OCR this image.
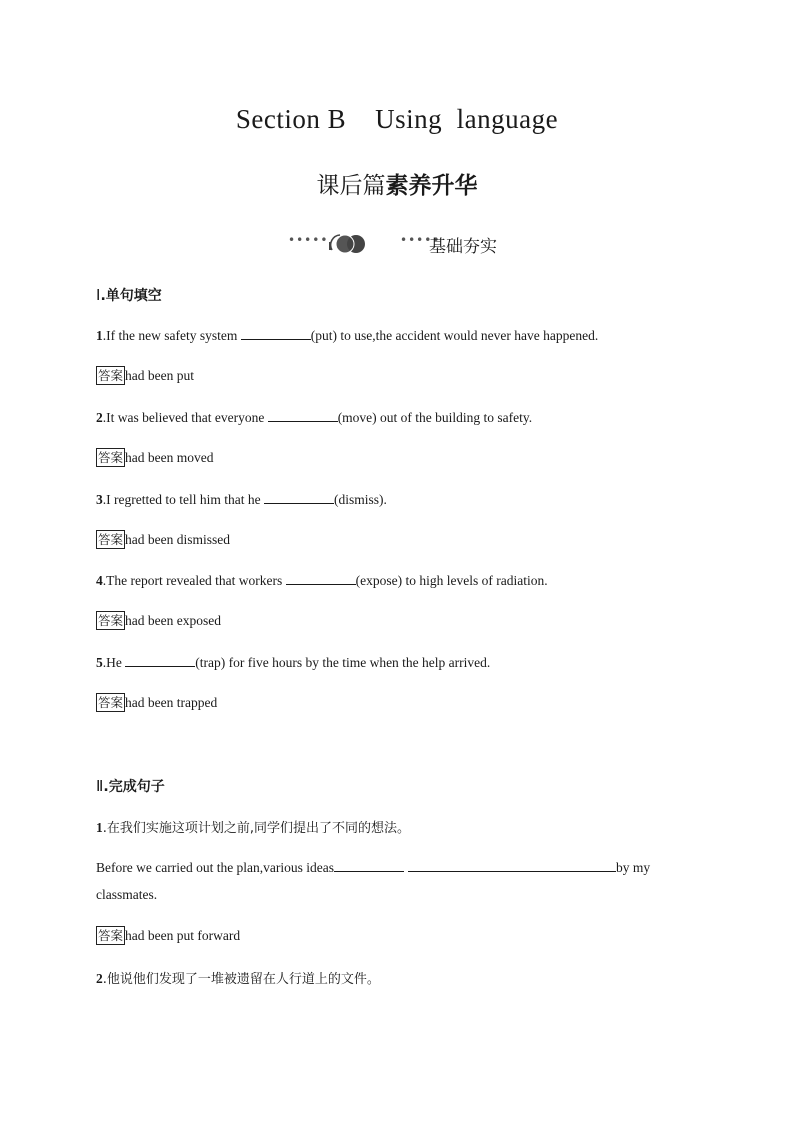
Section B    Using  language
课后篇素养升华
•••••	•••••
基础夯实
Ⅰ.单句填空
1.If the new safety system	(put) to use,the accident would never have happened.
答案 had been put
2.It was believed that everyone	(move) out of the building to safety.
答案 had been moved
3.I regretted to tell him that he	(dismiss).
答案 had been dismissed
4.The report revealed that workers	(expose) to high levels of radiation.
答案 had been exposed
5.He	(trap) for five hours by the time when the help arrived.
答案 had been trapped
Ⅱ.完成句子
1.在我们实施这项计划之前,同学们提出了不同的想法。
Before we carried out the plan,various ideas	by my
classmates.
答案 had been put forward
2.他说他们发现了一堆被遗留在人行道上的文件。
